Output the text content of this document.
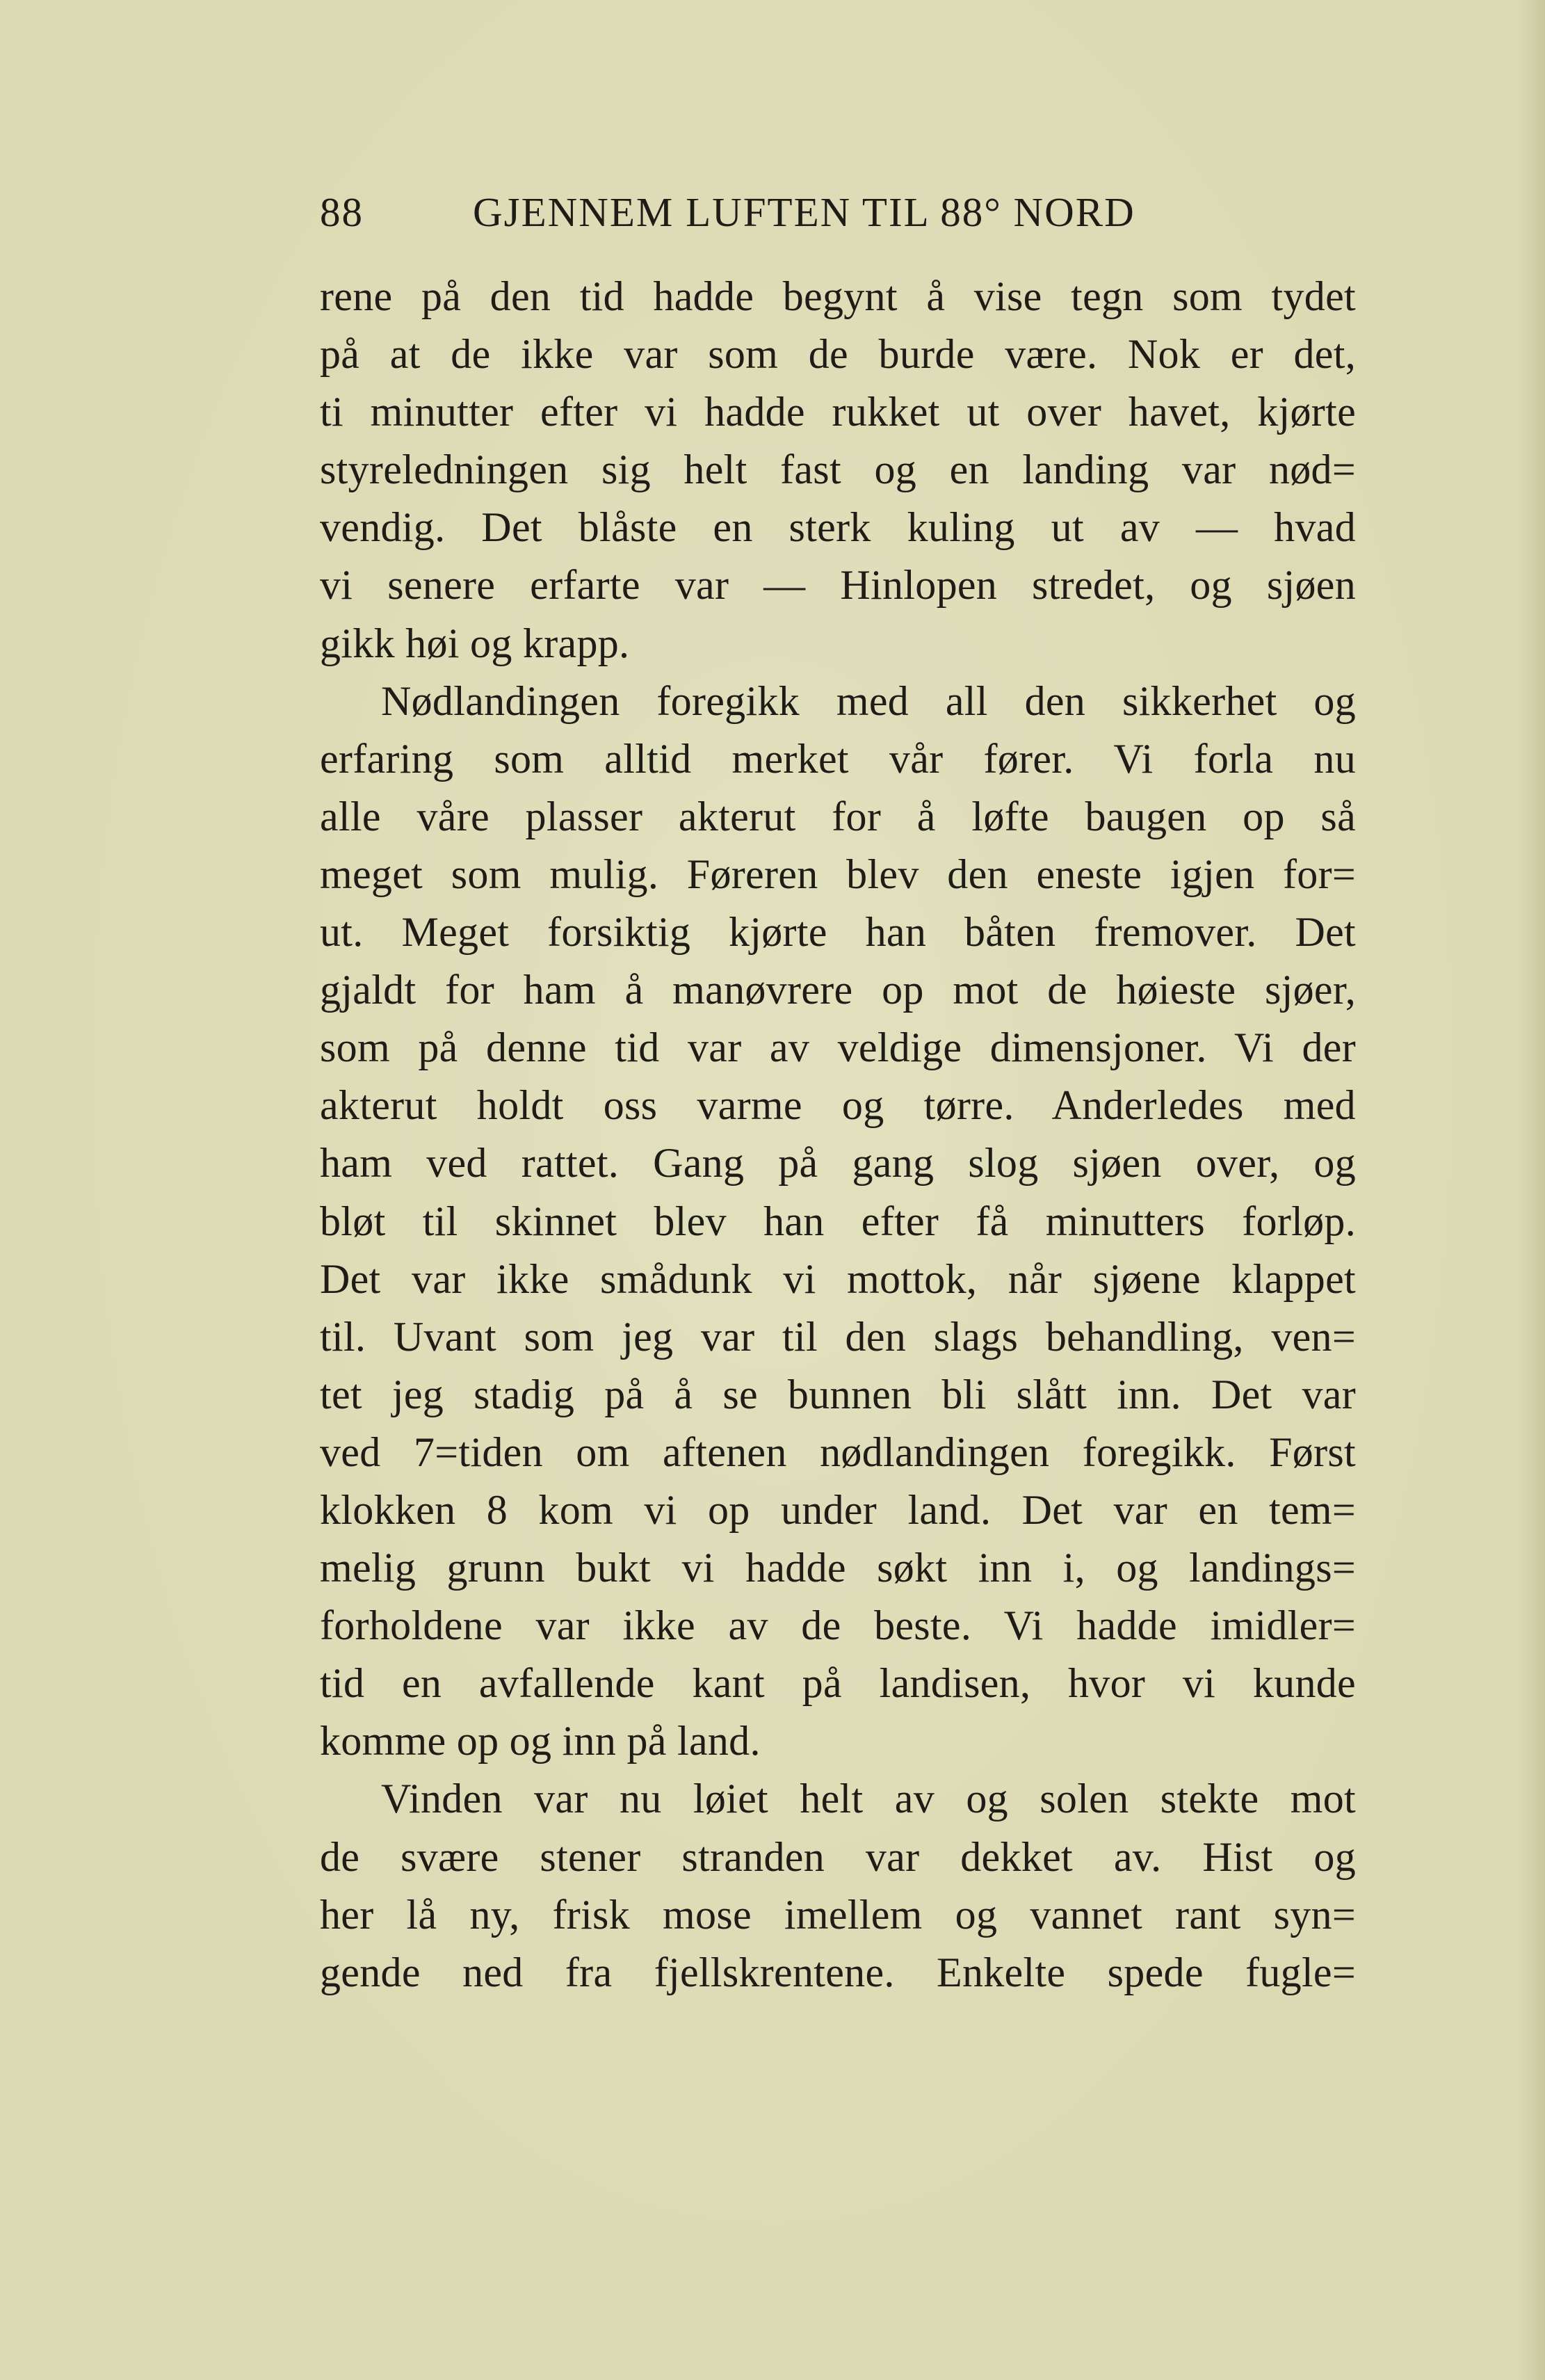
88	GJENNEM LUFTEN TIL 88° NORD
rene på den tid hadde begynt å vise tegn som tydet
på at de ikke var som de burde være. Nok er det,
ti minutter efter vi hadde rukket ut over havet, kjørte
styreledningen sig helt fast og en landing var nød=
vendig. Det blåste en sterk kuling ut av — hvad
vi senere erfarte var — Hinlopen stredet, og sjøen
gikk høi og krapp.
Nødlandingen foregikk med all den sikkerhet og
erfaring som alltid merket vår fører. Vi forla nu
alle våre plasser akterut for å løfte baugen op så
meget som mulig. Føreren blev den eneste igjen for=
ut. Meget forsiktig kjørte han båten fremover. Det
gjaldt for ham å manøvrere op mot de høieste sjøer,
som på denne tid var av veldige dimensjoner. Vi der
akterut holdt oss varme og tørre. Anderledes med
ham ved rattet. Gang på gang slog sjøen over, og
bløt til skinnet blev han efter få minutters forløp.
Det var ikke smådunk vi mottok, når sjøene klappet
til. Uvant som jeg var til den slags behandling, ven=
tet jeg stadig på å se bunnen bli slått inn. Det var
ved 7=tiden om aftenen nødlandingen foregikk. Først
klokken 8 kom vi op under land. Det var en tem=
melig grunn bukt vi hadde søkt inn i, og landings=
forholdene var ikke av de beste. Vi hadde imidler=
tid en avfallende kant på landisen, hvor vi kunde
komme op og inn på land.
Vinden var nu løiet helt av og solen stekte mot
de svære stener stranden var dekket av. Hist og
her lå ny, frisk mose imellem og vannet rant syn=
gende ned fra fjellskrentene. Enkelte spede fugle=
